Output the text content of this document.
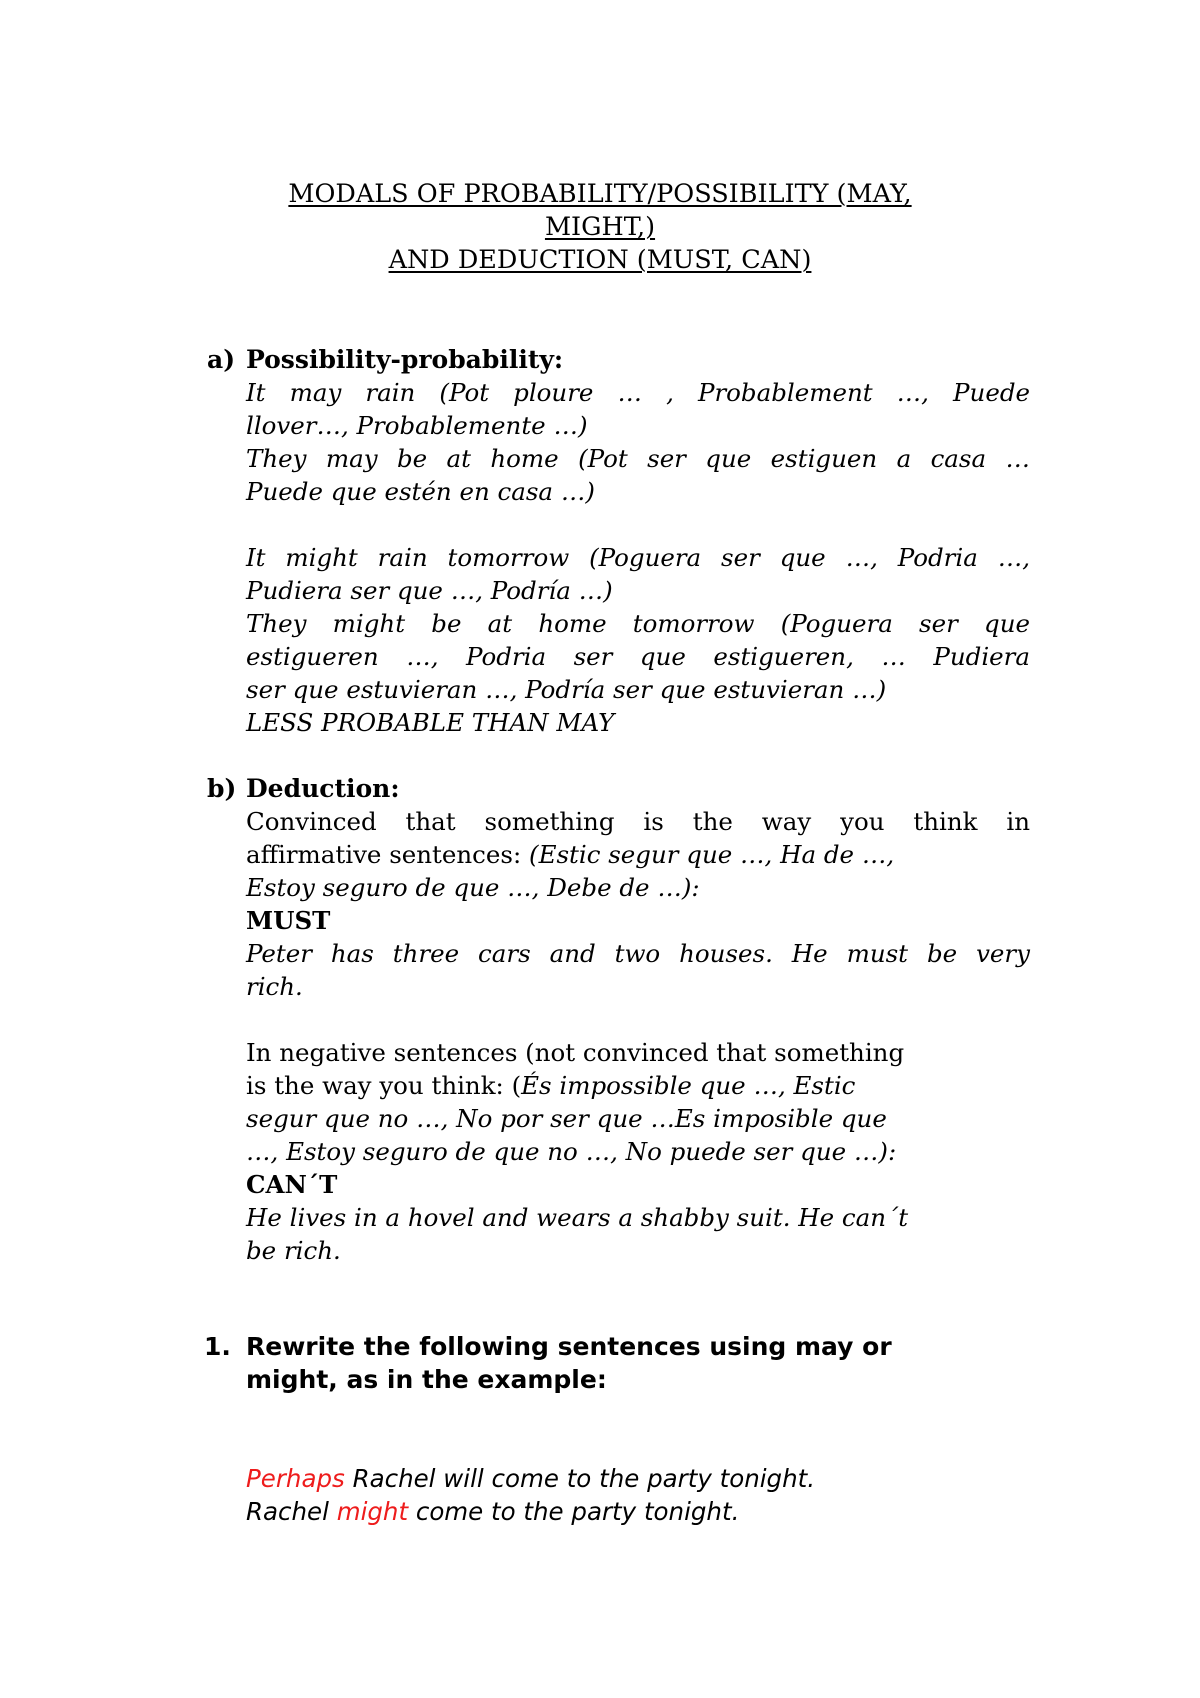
MODALS OF PROBABILITY/POSSIBILITY (MAY,
MIGHT,)
AND DEDUCTION (MUST, CAN)
a) Possibility-probability:
It may rain (Pot ploure … , Probablement …, Puede
llover…, Probablemente …)
They may be at home (Pot ser que estiguen a casa …
Puede que estén en casa …)
It might rain tomorrow (Poguera ser que …, Podria …,
Pudiera ser que …, Podría …)
They might be at home tomorrow (Poguera ser que
estigueren …, Podria ser que estigueren, … Pudiera
ser que estuvieran …, Podría ser que estuvieran …)
LESS PROBABLE THAN MAY
b) Deduction:
Convinced that something is the way you think in
affirmative sentences: (Estic segur que …, Ha de …,
Estoy seguro de que …, Debe de …):
MUST
Peter has three cars and two houses. He must be very
rich.
In negative sentences (not convinced that something
is the way you think: (És impossible que …, Estic
segur que no …, No por ser que …Es imposible que
…, Estoy seguro de que no …, No puede ser que …):
CAN´T
He lives in a hovel and wears a shabby suit. He can´t
be rich.
1. Rewrite the following sentences using may or
might, as in the example:
Perhaps Rachel will come to the party tonight.
Rachel might come to the party tonight.
